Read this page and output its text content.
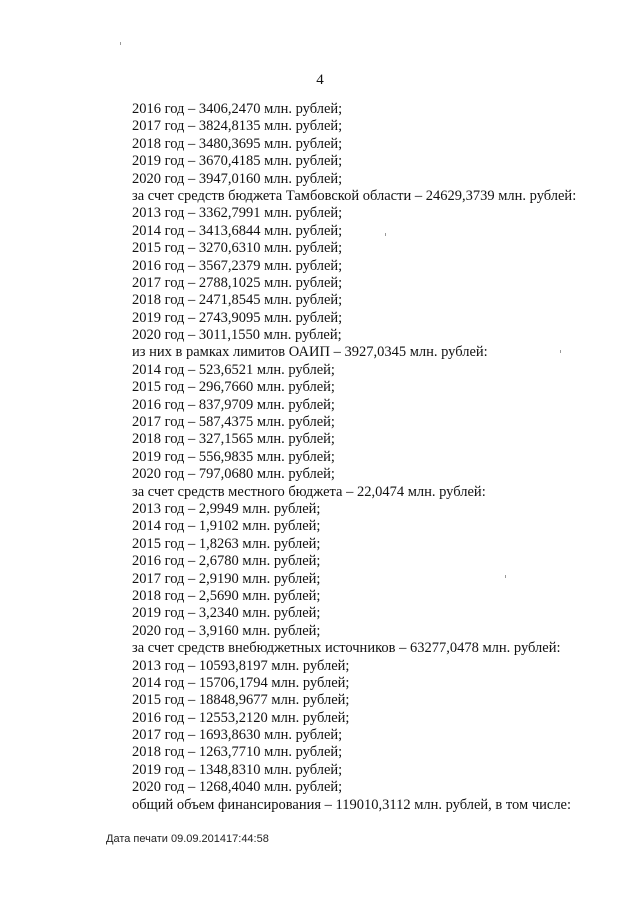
4
2016 год – 3406,2470 млн. рублей;
2017 год – 3824,8135 млн. рублей;
2018 год – 3480,3695 млн. рублей;
2019 год – 3670,4185 млн. рублей;
2020 год – 3947,0160 млн. рублей;
за счет средств бюджета Тамбовской области – 24629,3739 млн. рублей:
2013 год – 3362,7991 млн. рублей;
2014 год – 3413,6844 млн. рублей;
2015 год – 3270,6310 млн. рублей;
2016 год – 3567,2379 млн. рублей;
2017 год – 2788,1025 млн. рублей;
2018 год – 2471,8545 млн. рублей;
2019 год – 2743,9095 млн. рублей;
2020 год – 3011,1550 млн. рублей;
из них в рамках лимитов ОАИП – 3927,0345 млн. рублей:
2014 год – 523,6521 млн. рублей;
2015 год – 296,7660 млн. рублей;
2016 год – 837,9709 млн. рублей;
2017 год – 587,4375 млн. рублей;
2018 год – 327,1565 млн. рублей;
2019 год – 556,9835 млн. рублей;
2020 год – 797,0680 млн. рублей;
за счет средств местного бюджета – 22,0474 млн. рублей:
2013 год – 2,9949 млн. рублей;
2014 год – 1,9102 млн. рублей;
2015 год – 1,8263 млн. рублей;
2016 год – 2,6780 млн. рублей;
2017 год – 2,9190 млн. рублей;
2018 год – 2,5690 млн. рублей;
2019 год – 3,2340 млн. рублей;
2020 год – 3,9160 млн. рублей;
за счет средств внебюджетных источников – 63277,0478 млн. рублей:
2013 год – 10593,8197 млн. рублей;
2014 год – 15706,1794 млн. рублей;
2015 год – 18848,9677 млн. рублей;
2016 год – 12553,2120 млн. рублей;
2017 год – 1693,8630 млн. рублей;
2018 год – 1263,7710 млн. рублей;
2019 год – 1348,8310 млн. рублей;
2020 год – 1268,4040 млн. рублей;
общий объем финансирования – 119010,3112 млн. рублей, в том числе:
Дата печати 09.09.201417:44:58
